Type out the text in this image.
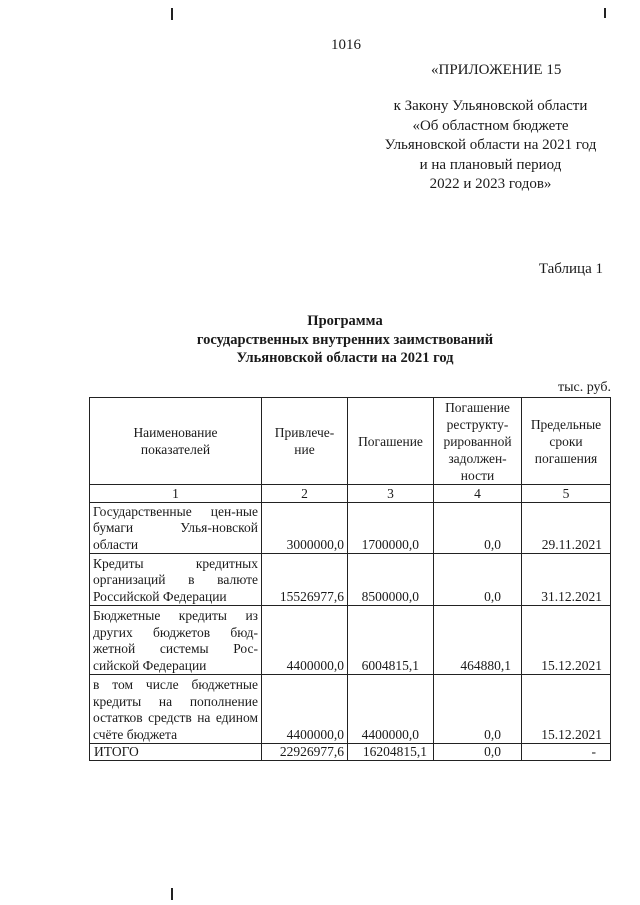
1016
«ПРИЛОЖЕНИЕ 15
к Закону Ульяновской области
«Об областном бюджете
Ульяновской области на 2021 год
и на плановый период
2022 и 2023 годов»
Таблица 1
Программа
государственных внутренних заимствований
Ульяновской области на 2021 год
тыс. руб.
Наименование показателей	Привлече-ние	Погашение	Погашение реструкту-рированной задолжен-ности	Предельные сроки погашения
1	2	3	4	5
Государственные цен-ные бумаги Улья-новской области	3000000,0	1700000,0	0,0	29.11.2021
Кредиты кредитных организаций в валюте Российской Федерации	15526977,6	8500000,0	0,0	31.12.2021
Бюджетные кредиты из других бюджетов бюд-жетной системы Рос-сийской Федерации	4400000,0	6004815,1	464880,1	15.12.2021
в том числе бюджетные кредиты на пополнение остатков средств на едином счёте бюджета	4400000,0	4400000,0	0,0	15.12.2021
ИТОГО	22926977,6	16204815,1	0,0	-
